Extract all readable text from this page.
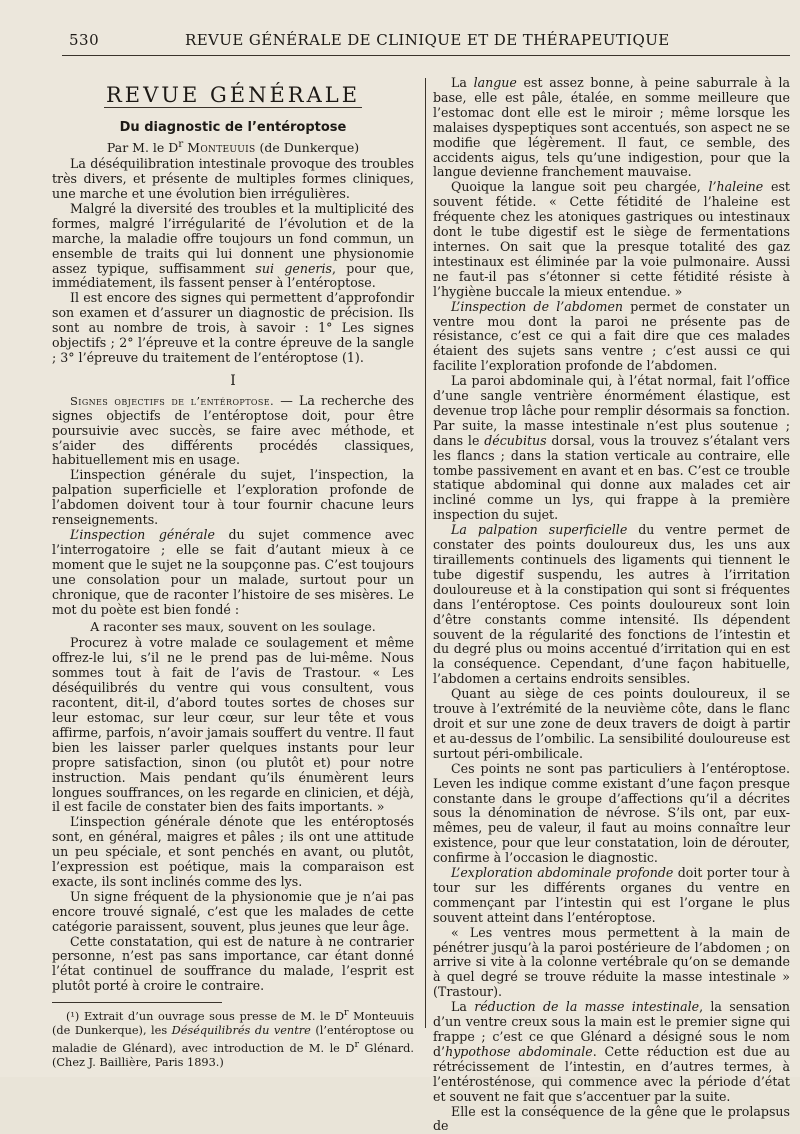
530	REVUE GÉNÉRALE DE CLINIQUE ET DE THÉRAPEUTIQUE
REVUE GÉNÉRALE
Du diagnostic de l’entéroptose
Par M. le $D^r$ Monteuuis (de Dunkerque)

La déséquilibration intestinale provoque des troubles très divers, et présente de multiples formes cliniques, une marche et une évolution bien irrégulières.

Malgré la diversité des troubles et la multiplicité des formes, malgré l’irrégularité de l’évolution et de la marche, la maladie offre toujours un fond commun, un ensemble de traits qui lui donnent une physionomie assez typique, suffisamment sui generis, pour que, immédiatement, ils fassent penser à l’entéroptose.

Il est encore des signes qui permettent d’approfondir son examen et d’assurer un diagnostic de précision. Ils sont au nombre de trois, à savoir : 1° Les signes objectifs ; 2° l’épreuve et la contre épreuve de la sangle ; 3° l’épreuve du traitement de l’entéroptose (1).

I

Signes objectifs de l’entéroptose. — La recherche des signes objectifs de l’entéroptose doit, pour être poursuivie avec succès, se faire avec méthode, et s’aider des différents procédés classiques, habituellement mis en usage.

L’inspection générale du sujet, l’inspection, la palpation superficielle et l’exploration profonde de l’abdomen doivent tour à tour fournir chacune leurs renseignements.

L’inspection générale du sujet commence avec l’interrogatoire ; elle se fait d’autant mieux à ce moment que le sujet ne la soupçonne pas. C’est toujours une consolation pour un malade, surtout pour un chronique, que de raconter l’histoire de ses misères. Le mot du poète est bien fondé :

A raconter ses maux, souvent on les soulage.

Procurez à votre malade ce soulagement et même offrez-le lui, s’il ne le prend pas de lui-même. Nous sommes tout à fait de l’avis de Trastour. « Les déséquilibrés du ventre qui vous consultent, vous racontent, dit-il, d’abord toutes sortes de choses sur leur estomac, sur leur cœur, sur leur tête et vous affirme, parfois, n’avoir jamais souffert du ventre. Il faut bien les laisser parler quelques instants pour leur propre satisfaction, sinon (ou plutôt et) pour notre instruction. Mais pendant qu’ils énumèrent leurs longues souffrances, on les regarde en clinicien, et déjà, il est facile de constater bien des faits importants. »

L’inspection générale dénote que les entéroptosés sont, en général, maigres et pâles ; ils ont une attitude un peu spéciale, et sont penchés en avant, ou plutôt, l’expression est poétique, mais la comparaison est exacte, ils sont inclinés comme des lys.

Un signe fréquent de la physionomie que je n’ai pas encore trouvé signalé, c’est que les malades de cette catégorie paraissent, souvent, plus jeunes que leur âge.

Cette constatation, qui est de nature à ne contrarier personne, n’est pas sans importance, car étant donné l’état continuel de souffrance du malade, l’esprit est plutôt porté à croire le contraire.

(¹) Extrait d’un ouvrage sous presse de M. le $D^r$ Monteuuis (de Dunkerque), les Déséquilibrés du ventre (l’entéroptose ou maladie de Glénard), avec introduction de M. le $D^r$ Glénard. (Chez J. Baillière, Paris 1893.)

La langue est assez bonne, à peine saburrale à la base, elle est pâle, étalée, en somme meilleure que l’estomac dont elle est le miroir ; même lorsque les malaises dyspeptiques sont accentués, son aspect ne se modifie que légèrement. Il faut, ce semble, des accidents aigus, tels qu’une indigestion, pour que la langue devienne franchement mauvaise.

Quoique la langue soit peu chargée, l’haleine est souvent fétide. « Cette fétidité de l’haleine est fréquente chez les atoniques gastriques ou intestinaux dont le tube digestif est le siège de fermentations internes. On sait que la presque totalité des gaz intestinaux est éliminée par la voie pulmonaire. Aussi ne faut-il pas s’étonner si cette fétidité résiste à l’hygiène buccale la mieux entendue. »

L’inspection de l’abdomen permet de constater un ventre mou dont la paroi ne présente pas de résistance, c’est ce qui a fait dire que ces malades étaient des sujets sans ventre ; c’est aussi ce qui facilite l’exploration profonde de l’abdomen.

La paroi abdominale qui, à l’état normal, fait l’office d’une sangle ventrière énormément élastique, est devenue trop lâche pour remplir désormais sa fonction. Par suite, la masse intestinale n’est plus soutenue ; dans le décubitus dorsal, vous la trouvez s’étalant vers les flancs ; dans la station verticale au contraire, elle tombe passivement en avant et en bas. C’est ce trouble statique abdominal qui donne aux malades cet air incliné comme un lys, qui frappe à la première inspection du sujet.

La palpation superficielle du ventre permet de constater des points douloureux dus, les uns aux tiraillements continuels des ligaments qui tiennent le tube digestif suspendu, les autres à l’irritation douloureuse et à la constipation qui sont si fréquentes dans l’entéroptose. Ces points douloureux sont loin d’être constants comme intensité. Ils dépendent souvent de la régularité des fonctions de l’intestin et du degré plus ou moins accentué d’irritation qui en est la conséquence. Cependant, d’une façon habituelle, l’abdomen a certains endroits sensibles.

Quant au siège de ces points douloureux, il se trouve à l’extrémité de la neuvième côte, dans le flanc droit et sur une zone de deux travers de doigt à partir et au-dessus de l’ombilic. La sensibilité douloureuse est surtout péri-ombilicale.

Ces points ne sont pas particuliers à l’entéroptose. Leven les indique comme existant d’une façon presque constante dans le groupe d’affections qu’il a décrites sous la dénomination de névrose. S’ils ont, par eux-mêmes, peu de valeur, il faut au moins connaître leur existence, pour que leur constatation, loin de dérouter, confirme à l’occasion le diagnostic.

L’exploration abdominale profonde doit porter tour à tour sur les différents organes du ventre en commençant par l’intestin qui est l’organe le plus souvent atteint dans l’entéroptose.

« Les ventres mous permettent à la main de pénétrer jusqu’à la paroi postérieure de l’abdomen ; on arrive si vite à la colonne vertébrale qu’on se demande à quel degré se trouve réduite la masse intestinale » (Trastour).

La réduction de la masse intestinale, la sensation d’un ventre creux sous la main est le premier signe qui frappe ; c’est ce que Glénard a désigné sous le nom d’hypothose abdominale. Cette réduction est due au rétrécissement de l’intestin, en d’autres termes, à l’entérosténose, qui commence avec la période d’état et souvent ne fait que s’accentuer par la suite.

Elle est la conséquence de la gêne que le prolapsus de
